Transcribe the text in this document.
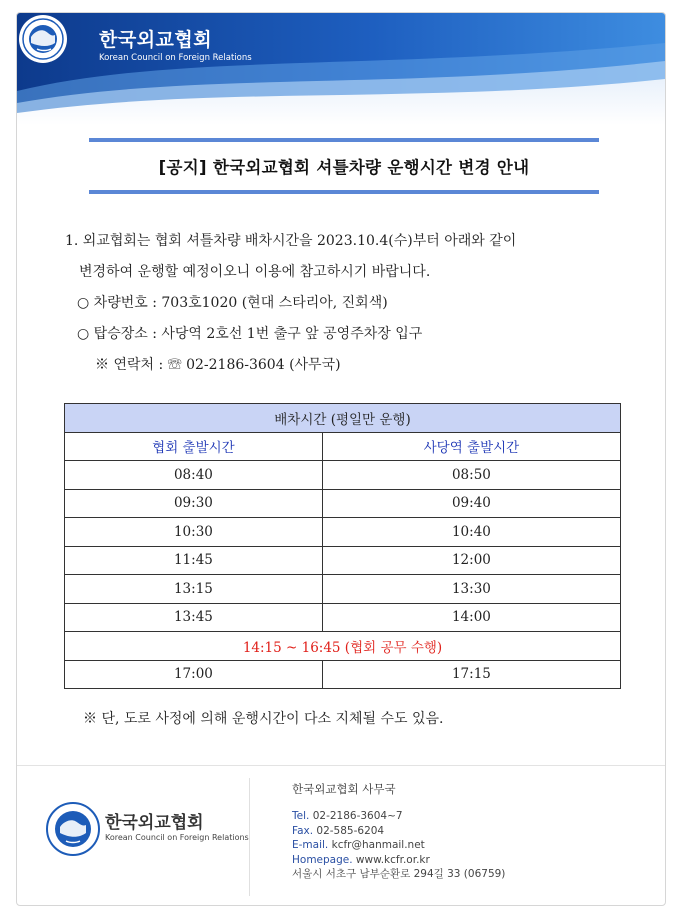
한국외교협회
Korean Council on Foreign Relations
[공지] 한국외교협회 셔틀차량 운행시간 변경 안내
1. 외교협회는 협회 셔틀차량 배차시간을 2023.10.4(수)부터 아래와 같이
변경하여 운행할 예정이오니 이용에 참고하시기 바랍니다.
○ 차량번호 : 703호1020 (현대 스타리아, 진회색)
○ 탑승장소 : 사당역 2호선 1번 출구 앞 공영주차장 입구
※ 연락처 : ☏ 02-2186-3604 (사무국)
배차시간 (평일만 운행)	
협회 출발시간	사당역 출발시간
08:40	08:50
09:30	09:40
10:30	10:40
11:45	12:00
13:15	13:30
13:45	14:00
14:15 ~ 16:45 (협회 공무 수행)	
17:00	17:15
※ 단, 도로 사정에 의해 운행시간이 다소 지체될 수도 있음.
한국외교협회
Korean Council on Foreign Relations
한국외교협회 사무국
Tel. 02-2186-3604~7
Fax. 02-585-6204
E-mail. kcfr@hanmail.net
Homepage. www.kcfr.or.kr
서울시 서초구 남부순환로 294길 33 (06759)
